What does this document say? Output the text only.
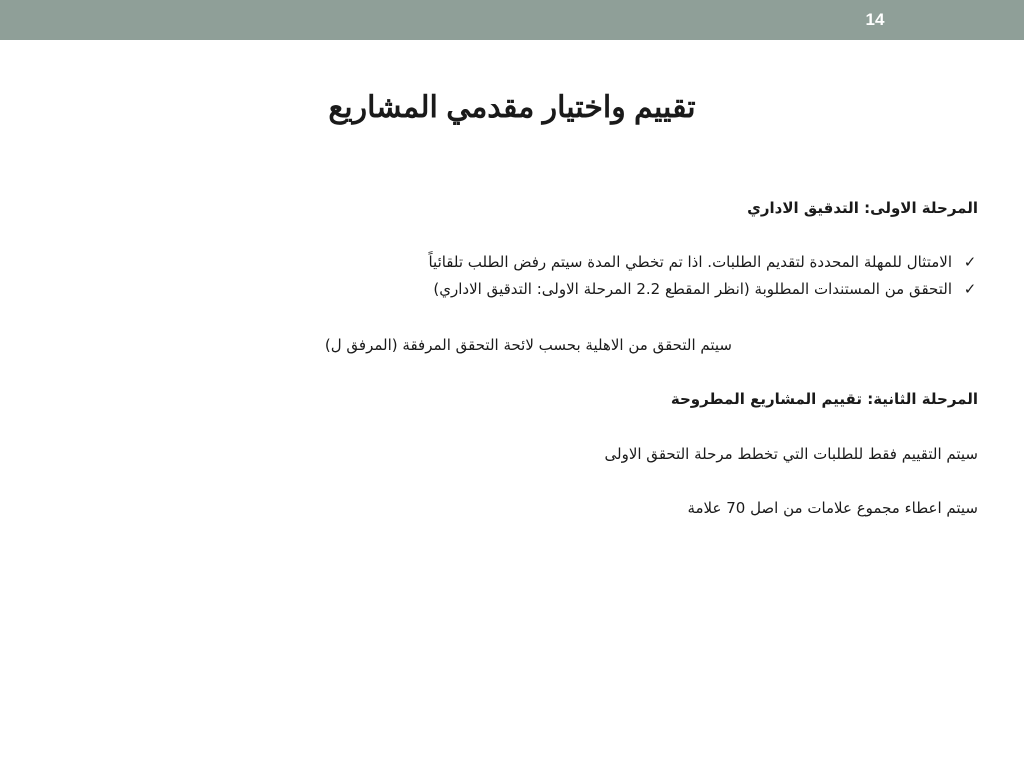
14
تقييم واختيار مقدمي المشاريع
المرحلة الاولى: التدقيق الاداري
✓
الامتثال للمهلة المحددة لتقديم الطلبات. اذا تم تخطي المدة سيتم رفض الطلب تلقائياً
✓
التحقق من المستندات المطلوبة (انظر المقطع 2.2 المرحلة الاولى: التدقيق الاداري)
سيتم التحقق من الاهلية بحسب لائحة التحقق المرفقة (المرفق ل)
المرحلة الثانية: تقييم المشاريع المطروحة
سيتم التقييم فقط للطلبات التي تخطط مرحلة التحقق الاولى
سيتم اعطاء مجموع علامات من اصل 70 علامة
